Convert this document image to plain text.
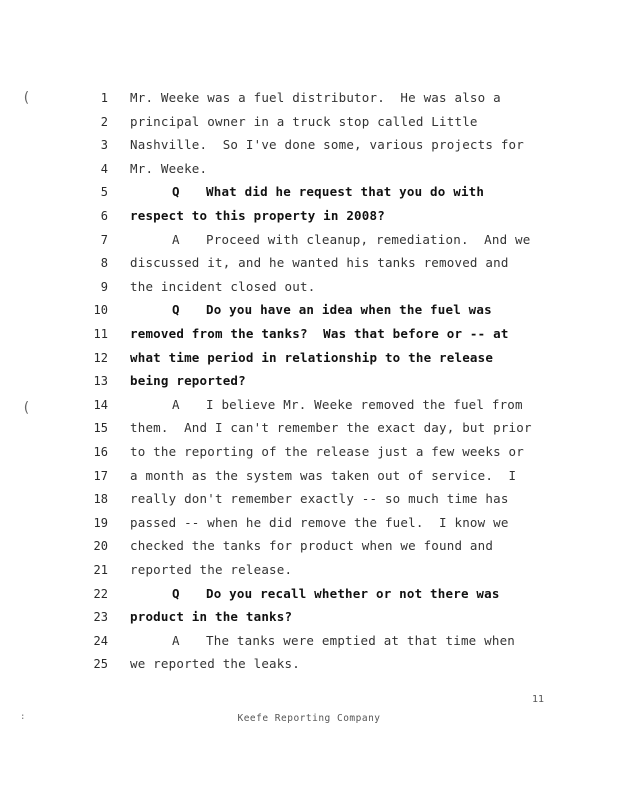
(
(
1 Mr. Weeke was a fuel distributor.  He was also a
2 principal owner in a truck stop called Little
3 Nashville.  So I've done some, various projects for
4 Mr. Weeke.
5	Q What did he request that you do with
6 respect to this property in 2008?
7	A Proceed with cleanup, remediation.  And we
8 discussed it, and he wanted his tanks removed and
9 the incident closed out.
10	Q Do you have an idea when the fuel was
11 removed from the tanks?  Was that before or -- at
12 what time period in relationship to the release
13 being reported?
14	A I believe Mr. Weeke removed the fuel from
15 them.  And I can't remember the exact day, but prior
16 to the reporting of the release just a few weeks or
17 a month as the system was taken out of service.  I
18 really don't remember exactly -- so much time has
19 passed -- when he did remove the fuel.  I know we
20 checked the tanks for product when we found and
21 reported the release.
22	Q Do you recall whether or not there was
23 product in the tanks?
24	A The tanks were emptied at that time when
25 we reported the leaks.
11
:	Keefe Reporting Company
